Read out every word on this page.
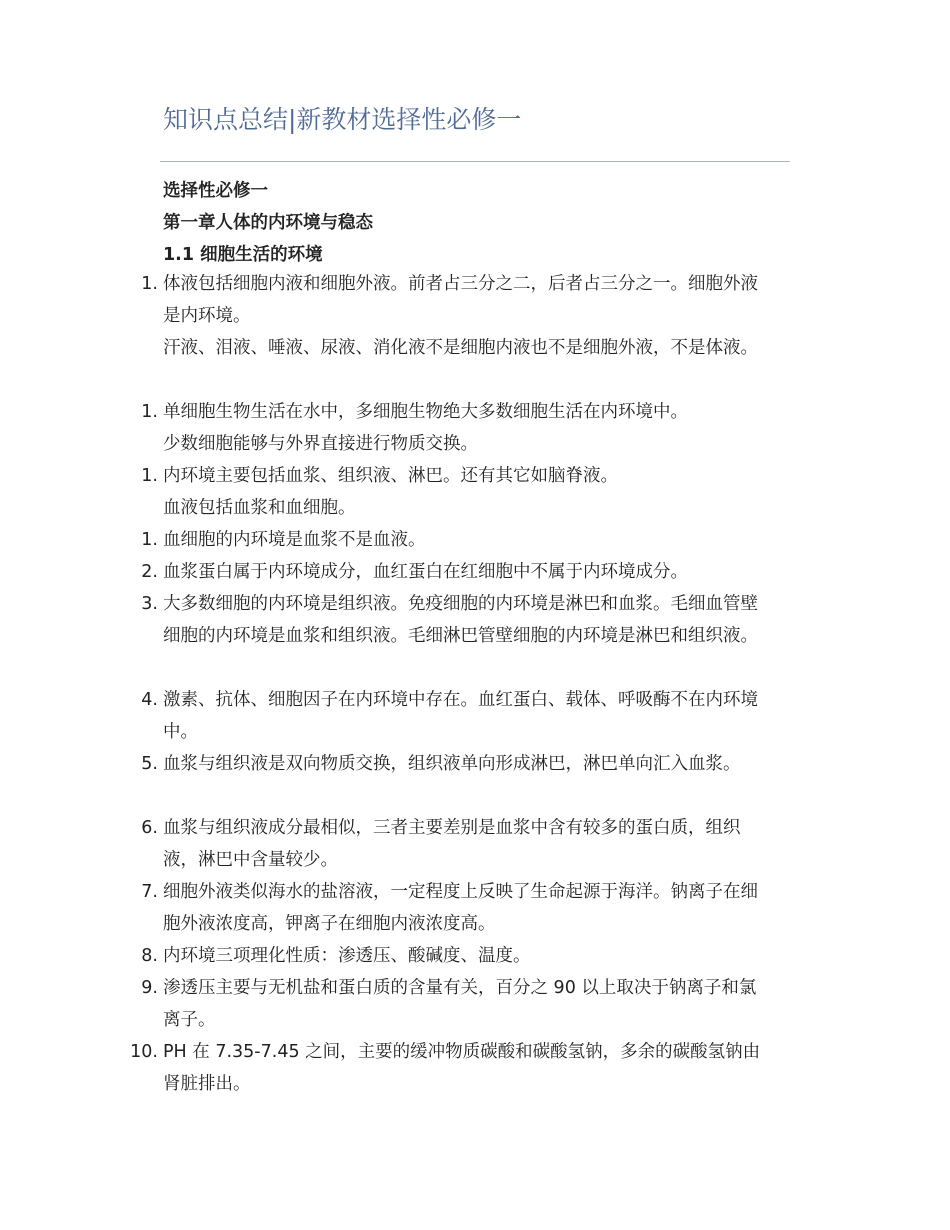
知识点总结|新教材选择性必修一
选择性必修一
第一章人体的内环境与稳态
1.1 细胞生活的环境
1. 体液包括细胞内液和细胞外液。前者占三分之二，后者占三分之一。细胞外液是内环境。
汗液、泪液、唾液、尿液、消化液不是细胞内液也不是细胞外液，不是体液。
1. 单细胞生物生活在水中，多细胞生物绝大多数细胞生活在内环境中。
少数细胞能够与外界直接进行物质交换。
1. 内环境主要包括血浆、组织液、淋巴。还有其它如脑脊液。
血液包括血浆和血细胞。
1. 血细胞的内环境是血浆不是血液。
2. 血浆蛋白属于内环境成分，血红蛋白在红细胞中不属于内环境成分。
3. 大多数细胞的内环境是组织液。免疫细胞的内环境是淋巴和血浆。毛细血管壁细胞的内环境是血浆和组织液。毛细淋巴管壁细胞的内环境是淋巴和组织液。
4. 激素、抗体、细胞因子在内环境中存在。血红蛋白、载体、呼吸酶不在内环境中。
5. 血浆与组织液是双向物质交换，组织液单向形成淋巴，淋巴单向汇入血浆。
6. 血浆与组织液成分最相似，三者主要差别是血浆中含有较多的蛋白质，组织液，淋巴中含量较少。
7. 细胞外液类似海水的盐溶液，一定程度上反映了生命起源于海洋。钠离子在细胞外液浓度高，钾离子在细胞内液浓度高。
8. 内环境三项理化性质：渗透压、酸碱度、温度。
9. 渗透压主要与无机盐和蛋白质的含量有关，百分之 90 以上取决于钠离子和氯离子。
10. PH 在 7.35-7.45 之间，主要的缓冲物质碳酸和碳酸氢钠，多余的碳酸氢钠由肾脏排出。
